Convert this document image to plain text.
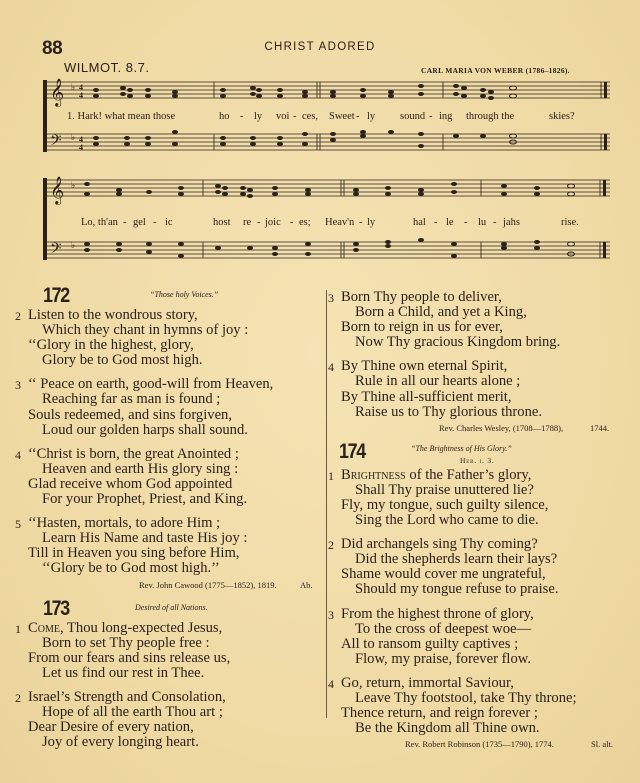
88	CHRIST ADORED
WILMOT. 8.7.	CARL MARIA VON WEBER (1786–1826).
𝄞
𝄢
♭
♭
4
4
4
4
1. Hark! what mean those	ho - ly voi - ces, Sweet - ly sound - ing through the	skies?
𝄞
𝄢
♭
♭
Lo, th'an - gel - ic	host re - joic - es; Heav'n - ly	hal - le - lu - jahs	rise.
172	“Those holy Voices.”
2 Listen to the wondrous story,
Which they chant in hymns of joy :
‘‘Glory in the highest, glory,
Glory be to God most high.
3 ‘‘ Peace on earth, good-will from Heaven,
Reaching far as man is found ;
Souls redeemed, and sins forgiven,
Loud our golden harps shall sound.
4 ‘‘Christ is born, the great Anointed ;
Heaven and earth His glory sing :
Glad receive whom God appointed
For your Prophet, Priest, and King.
5 ‘‘Hasten, mortals, to adore Him ;
Learn His Name and taste His joy :
Till in Heaven you sing before Him,
‘‘Glory be to God most high.’’
Rev. John Cawood (1775—1852), 1819.	Ab.
173	Desired of all Nations.
1 Come, Thou long-expected Jesus,
Born to set Thy people free :
From our fears and sins release us,
Let us find our rest in Thee.
2 Israel’s Strength and Consolation,
Hope of all the earth Thou art ;
Dear Desire of every nation,
Joy of every longing heart.
3 Born Thy people to deliver,
Born a Child, and yet a King,
Born to reign in us for ever,
Now Thy gracious Kingdom bring.
4 By Thine own eternal Spirit,
Rule in all our hearts alone ;
By Thine all-sufficient merit,
Raise us to Thy glorious throne.
Rev. Charles Wesley, (1708—1788),	1744.
174	“The Brightness of His Glory.”
Heb. i. 3.
1 Brightness of the Father’s glory,
Shall Thy praise unuttered lie?
Fly, my tongue, such guilty silence,
Sing the Lord who came to die.
2 Did archangels sing Thy coming?
Did the shepherds learn their lays?
Shame would cover me ungrateful,
Should my tongue refuse to praise.
3 From the highest throne of glory,
To the cross of deepest woe—
All to ransom guilty captives ;
Flow, my praise, forever flow.
4 Go, return, immortal Saviour,
Leave Thy footstool, take Thy throne;
Thence return, and reign forever ;
Be the Kingdom all Thine own.
Rev. Robert Robinson (1735—1790), 1774.	Sl. alt.
